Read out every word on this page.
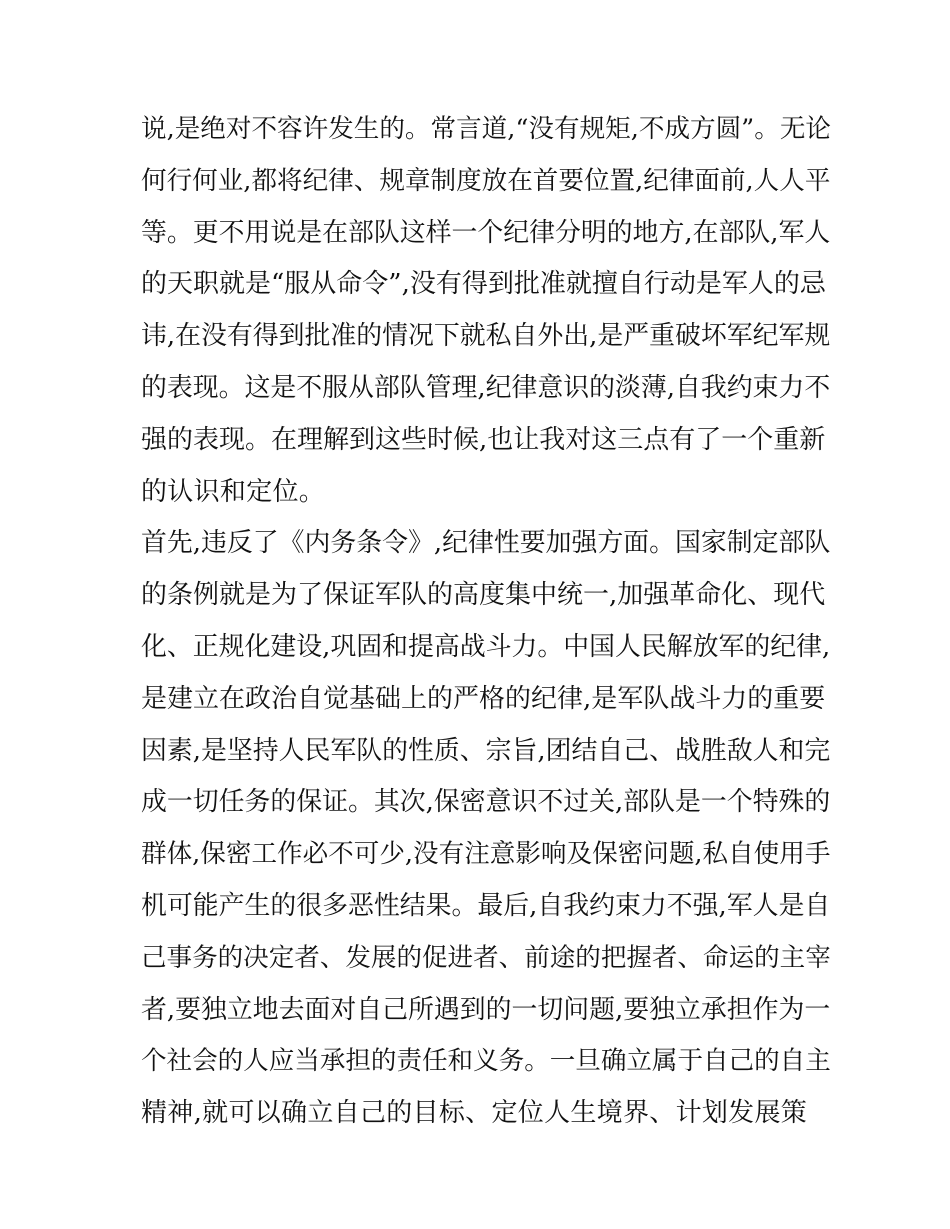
说,是绝对不容许发生的。常言道,“没有规矩,不成方圆”。无论
何行何业,都将纪律、规章制度放在首要位置,纪律面前,人人平
等。更不用说是在部队这样一个纪律分明的地方,在部队,军人
的天职就是“服从命令”,没有得到批准就擅自行动是军人的忌
讳,在没有得到批准的情况下就私自外出,是严重破坏军纪军规
的表现。这是不服从部队管理,纪律意识的淡薄,自我约束力不
强的表现。在理解到这些时候,也让我对这三点有了一个重新
的认识和定位。
首先,违反了《内务条令》,纪律性要加强方面。国家制定部队
的条例就是为了保证军队的高度集中统一,加强革命化、现代
化、正规化建设,巩固和提高战斗力。中国人民解放军的纪律,
是建立在政治自觉基础上的严格的纪律,是军队战斗力的重要
因素,是坚持人民军队的性质、宗旨,团结自己、战胜敌人和完
成一切任务的保证。其次,保密意识不过关,部队是一个特殊的
群体,保密工作必不可少,没有注意影响及保密问题,私自使用手
机可能产生的很多恶性结果。最后,自我约束力不强,军人是自
己事务的决定者、发展的促进者、前途的把握者、命运的主宰
者,要独立地去面对自己所遇到的一切问题,要独立承担作为一
个社会的人应当承担的责任和义务。一旦确立属于自己的自主
精神,就可以确立自己的目标、定位人生境界、计划发展策
